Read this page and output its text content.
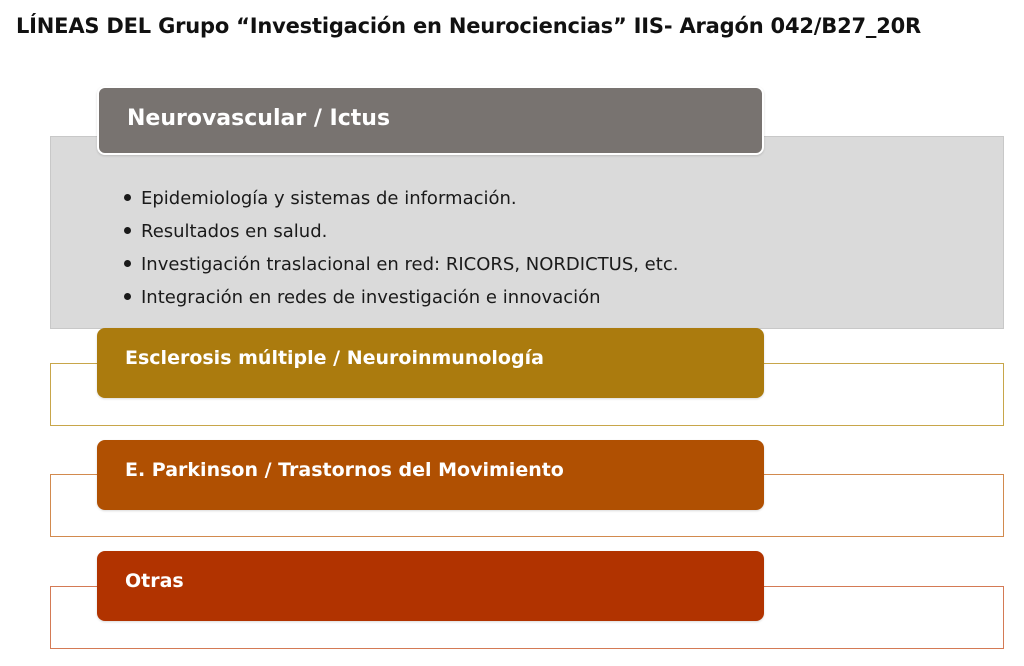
LÍNEAS DEL Grupo “Investigación en Neurociencias” IIS- Aragón 042/B27_20R
Neurovascular / Ictus
Epidemiología y sistemas de información.
Resultados en salud.
Investigación traslacional en red: RICORS, NORDICTUS, etc.
Integración en redes de investigación e innovación
Esclerosis múltiple / Neuroinmunología
E. Parkinson / Trastornos del Movimiento
Otras
